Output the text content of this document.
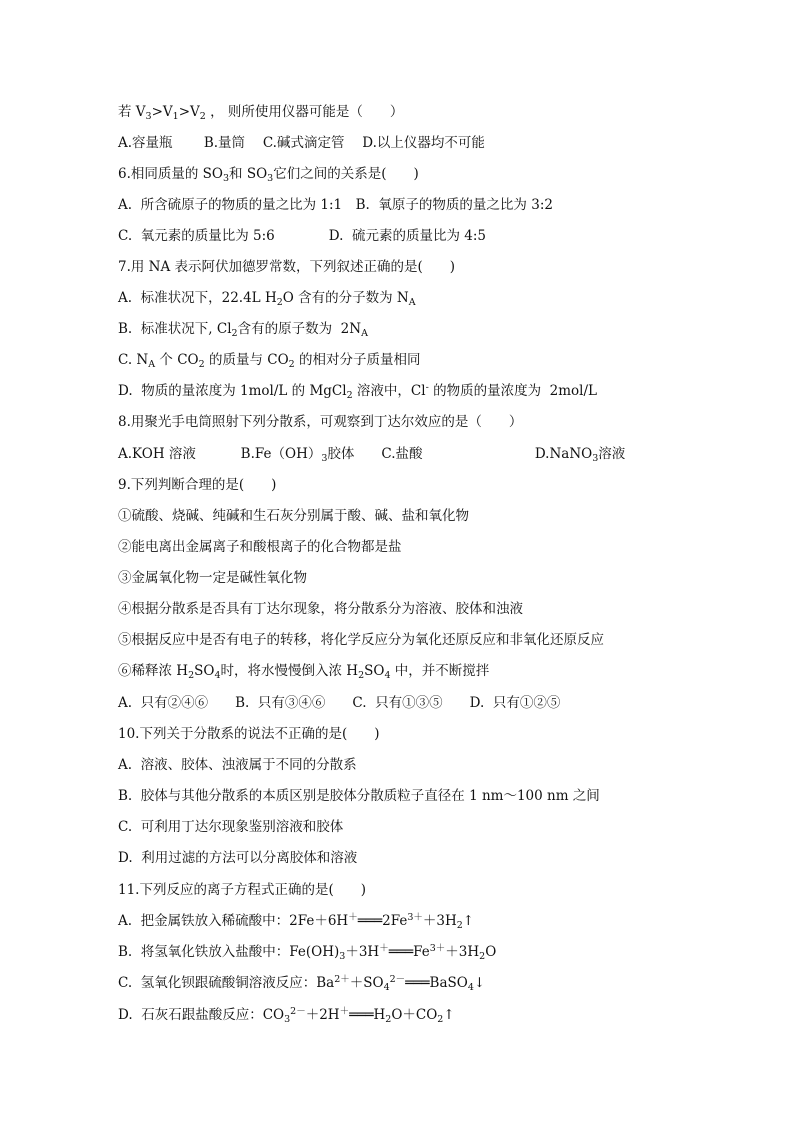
若 $V_3>V_1>V_2$ ， 则所使用仪器可能是（　　）
A.容量瓶　　 B.量筒　 C.碱式滴定管　 D.以上仪器均不可能
6.相同质量的 $SO_3$和 $SO_3$它们之间的关系是(　　)
A.  所含硫原子的物质的量之比为 1:1　B.  氧原子的物质的量之比为 3:2
C.  氧元素的质量比为 5:6　　　　D.  硫元素的质量比为 4:5
7.用 NA 表示阿伏加德罗常数，下列叙述正确的是(　　)
A.  标准状况下，22.4L $H_2O$ 含有的分子数为 $N_A$
B.  标准状况下, $Cl_2$含有的原子数为  $2N_A$
C. $N_A$ 个 $CO_2$ 的质量与 $CO_2$ 的相对分子质量相同
D.  物质的量浓度为 1mol/L 的 MgCl$_2$ 溶液中，Cl- 的物质的量浓度为  2mol/L
8.用聚光手电筒照射下列分散系，可观察到丁达尔效应的是（　　）
A.KOH 溶液　　　 $B.Fe(OH)_3$胶体　　C.盐酸　　　　　　　　 D.NaNO$_3$溶液
9.下列判断合理的是(　　)
①硫酸、烧碱、纯碱和生石灰分别属于酸、碱、盐和氧化物
②能电离出金属离子和酸根离子的化合物都是盐
③金属氧化物一定是碱性氧化物
④根据分散系是否具有丁达尔现象，将分散系分为溶液、胶体和浊液
⑤根据反应中是否有电子的转移，将化学反应分为氧化还原反应和非氧化还原反应
⑥稀释浓 $H_2SO_4$时，将水慢慢倒入浓 $H_2SO_4$ 中，并不断搅拌
A.  只有②④⑥　　B.  只有③④⑥　　C.  只有①③⑤　　D.  只有①②⑤
10.下列关于分散系的说法不正确的是(　　)
A.  溶液、胶体、浊液属于不同的分散系
B.  胶体与其他分散系的本质区别是胶体分散质粒子直径在 1 nm～100 nm 之间
C.  可利用丁达尔现象鉴别溶液和胶体
D.  利用过滤的方法可以分离胶体和溶液
11.下列反应的离子方程式正确的是(　　)
A.  把金属铁放入稀硫酸中：$2Fe+6H^+═══2Fe^{3+}+3H_2↑$
B.  将氢氧化铁放入盐酸中：$Fe(OH)_3+3H^+═══Fe^{3+}+3H_2O$
C.  氢氧化钡跟硫酸铜溶液反应：$Ba^{2+}+SO_4^{2-}═══BaSO_4↓$
D.  石灰石跟盐酸反应：$CO_3^{2-}+2H^+═══H_2O+CO_2↑$
